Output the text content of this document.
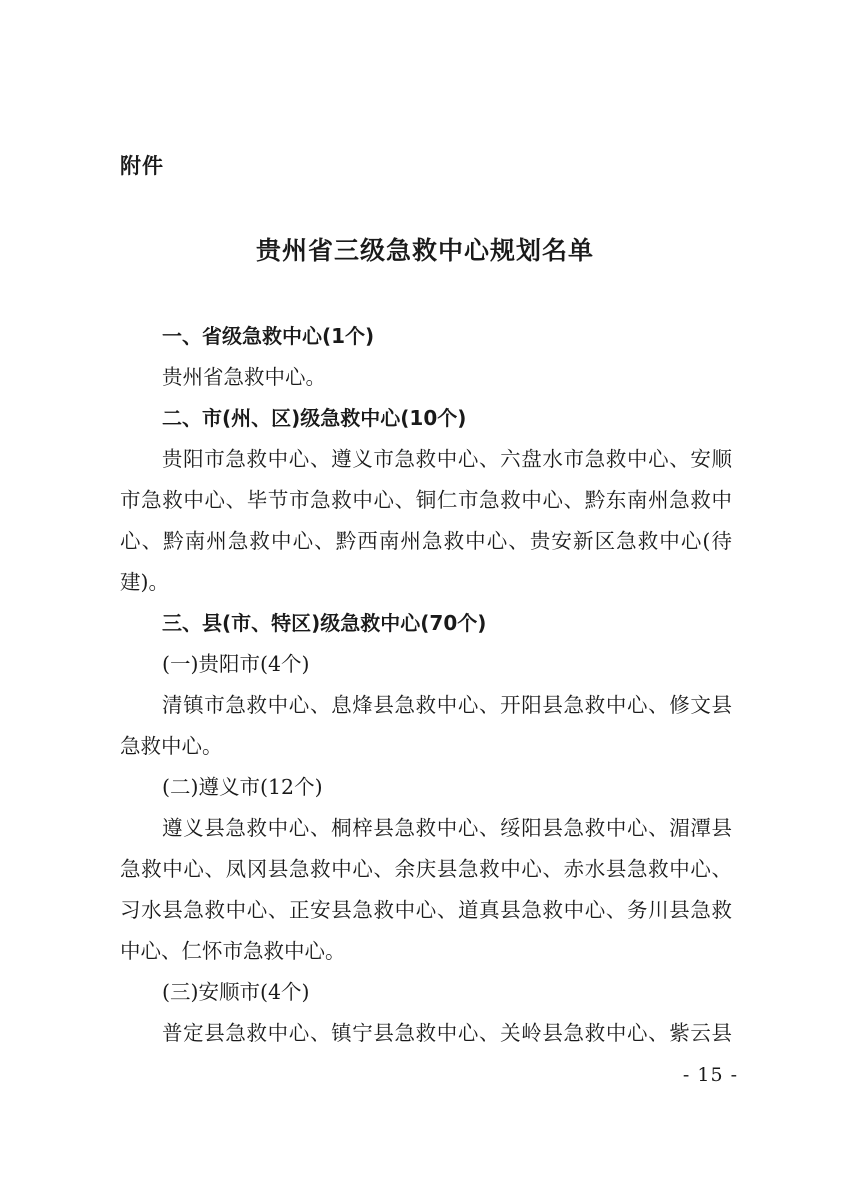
附件
贵州省三级急救中心规划名单
一、省级急救中心(1个)
贵州省急救中心。
二、市(州、区)级急救中心(10个)
贵阳市急救中心、遵义市急救中心、六盘水市急救中心、安顺
市急救中心、毕节市急救中心、铜仁市急救中心、黔东南州急救中
心、黔南州急救中心、黔西南州急救中心、贵安新区急救中心(待
建)。
三、县(市、特区)级急救中心(70个)
(一)贵阳市(4个)
清镇市急救中心、息烽县急救中心、开阳县急救中心、修文县
急救中心。
(二)遵义市(12个)
遵义县急救中心、桐梓县急救中心、绥阳县急救中心、湄潭县
急救中心、凤冈县急救中心、余庆县急救中心、赤水县急救中心、
习水县急救中心、正安县急救中心、道真县急救中心、务川县急救
中心、仁怀市急救中心。
(三)安顺市(4个)
普定县急救中心、镇宁县急救中心、关岭县急救中心、紫云县
- 15 -
